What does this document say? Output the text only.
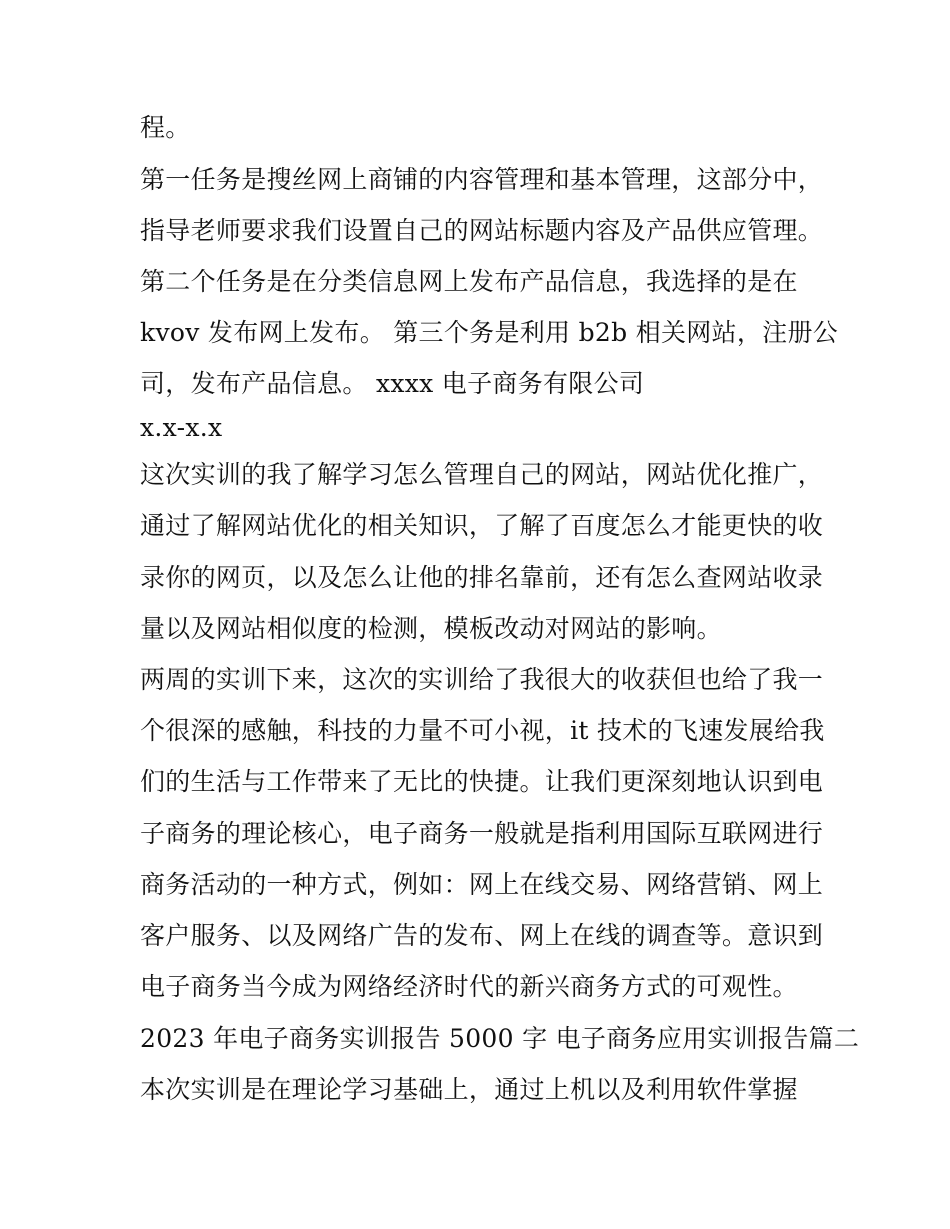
程。
第一任务是搜丝网上商铺的内容管理和基本管理，这部分中，
指导老师要求我们设置自己的网站标题内容及产品供应管理。
第二个任务是在分类信息网上发布产品信息，我选择的是在
kvov 发布网上发布。 第三个务是利用 b2b 相关网站，注册公
司，发布产品信息。 xxxx 电子商务有限公司
x.x-x.x
这次实训的我了解学习怎么管理自己的网站，网站优化推广，
通过了解网站优化的相关知识，了解了百度怎么才能更快的收
录你的网页，以及怎么让他的排名靠前，还有怎么查网站收录
量以及网站相似度的检测，模板改动对网站的影响。
两周的实训下来，这次的实训给了我很大的收获但也给了我一
个很深的感触，科技的力量不可小视，it 技术的飞速发展给我
们的生活与工作带来了无比的快捷。让我们更深刻地认识到电
子商务的理论核心，电子商务一般就是指利用国际互联网进行
商务活动的一种方式，例如：网上在线交易、网络营销、网上
客户服务、以及网络广告的发布、网上在线的调查等。意识到
电子商务当今成为网络经济时代的新兴商务方式的可观性。
2023 年电子商务实训报告 5000 字 电子商务应用实训报告篇二
本次实训是在理论学习基础上，通过上机以及利用软件掌握
